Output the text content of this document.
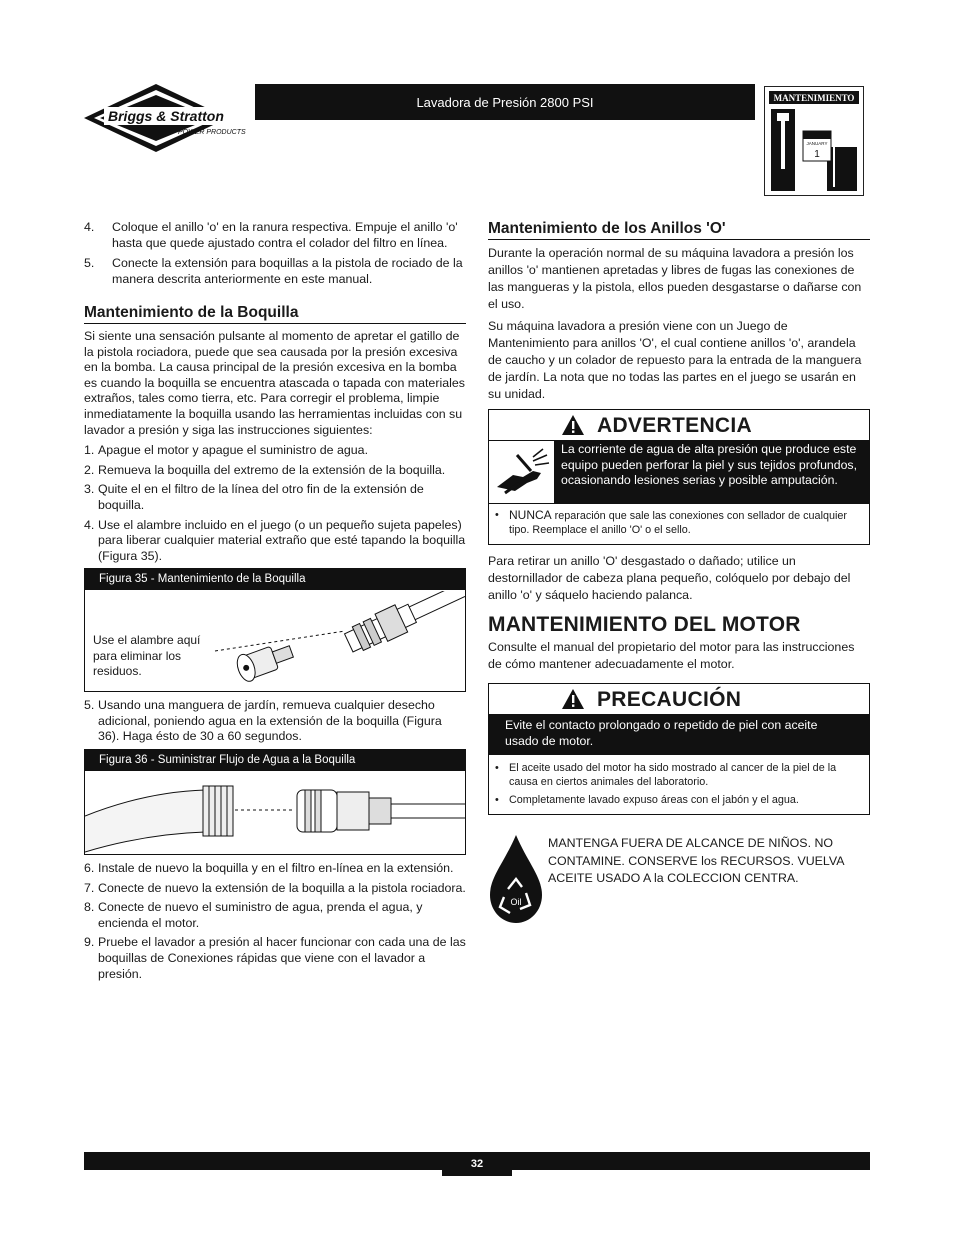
Briggs & Stratton
POWER PRODUCTS
Lavadora de Presión 2800 PSI	MANTENIMIENTO
JANUARY
1
4.	Coloque el anillo 'o' en la ranura respectiva. Empuje el anillo 'o' hasta que quede ajustado contra el colador del filtro en línea.
5.	Conecte la extensión para boquillas a la pistola de rociado de la manera descrita anteriormente en este manual.
Mantenimiento de la Boquilla
Si siente una sensación pulsante al momento de apretar el gatillo de la pistola rociadora, puede que sea causada por la presión excesiva en la bomba. La causa principal de la presión excesiva en la bomba es cuando la boquilla se encuentra atascada o tapada con materiales extraños, tales como tierra, etc. Para corregir el problema, limpie inmediatamente la boquilla usando las herramientas incluidas con su lavador a presión y siga las instrucciones siguientes:
1. Apague el motor y apague el suministro de agua.
2. Remueva la boquilla del extremo de la extensión de la boquilla.
3. Quite el en el filtro de la línea del otro fin de la extensión de boquilla.
4. Use el alambre incluido en el juego (o un pequeño sujeta papeles) para liberar cualquier material extraño que esté tapando la boquilla (Figura 35).
Figura 35 - Mantenimiento de la Boquilla
Use el alambre aquí para eliminar los residuos.
5. Usando una manguera de jardín, remueva cualquier desecho adicional, poniendo agua en la extensión de la boquilla (Figura 36). Haga ésto de 30 a 60 segundos.
Figura 36 - Suministrar Flujo de Agua a la Boquilla
6. Instale de nuevo la boquilla y en el filtro en-línea en la extensión.
7. Conecte de nuevo la extensión de la boquilla a la pistola rociadora.
8. Conecte de nuevo el suministro de agua, prenda el agua, y encienda el motor.
9. Pruebe el lavador a presión al hacer funcionar con cada una de las boquillas de Conexiones rápidas que viene con el lavador a presión.
Mantenimiento de los Anillos 'O'
Durante la operación normal de su máquina lavadora a presión los anillos 'o' mantienen apretadas y libres de fugas las conexiones de las mangueras y la pistola, ellos pueden desgastarse o dañarse con el uso.
Su máquina lavadora a presión viene con un Juego de Mantenimiento para anillos 'O', el cual contiene anillos 'o', arandela de caucho y un colador de repuesto para la entrada de la manguera de jardín. La nota que no todas las partes en el juego se usarán en su unidad.
ADVERTENCIA
La corriente de agua de alta presión que produce este equipo pueden perforar la piel y sus tejidos profundos, ocasionando lesiones serias y posible amputación.
• NUNCA reparación que sale las conexiones con sellador de cualquier tipo. Reemplace el anillo 'O' o el sello.
Para retirar un anillo 'O' desgastado o dañado; utilice un destornillador de cabeza plana pequeño, colóquelo por debajo del anillo 'o' y sáquelo haciendo palanca.
MANTENIMIENTO DEL MOTOR
Consulte el manual del propietario del motor para las instrucciones de cómo mantener adecuadamente el motor.
PRECAUCIÓN
Evite el contacto prolongado o repetido de piel con aceite usado de motor.
• El aceite usado del motor ha sido mostrado al cancer de la piel de la causa en ciertos animales del laboratorio.
• Completamente lavado expuso áreas con el jabón y el agua.
Oil
MANTENGA FUERA DE ALCANCE DE NIÑOS. NO CONTAMINE. CONSERVE los RECURSOS. VUELVA ACEITE USADO A la COLECCION CENTRA.
32
